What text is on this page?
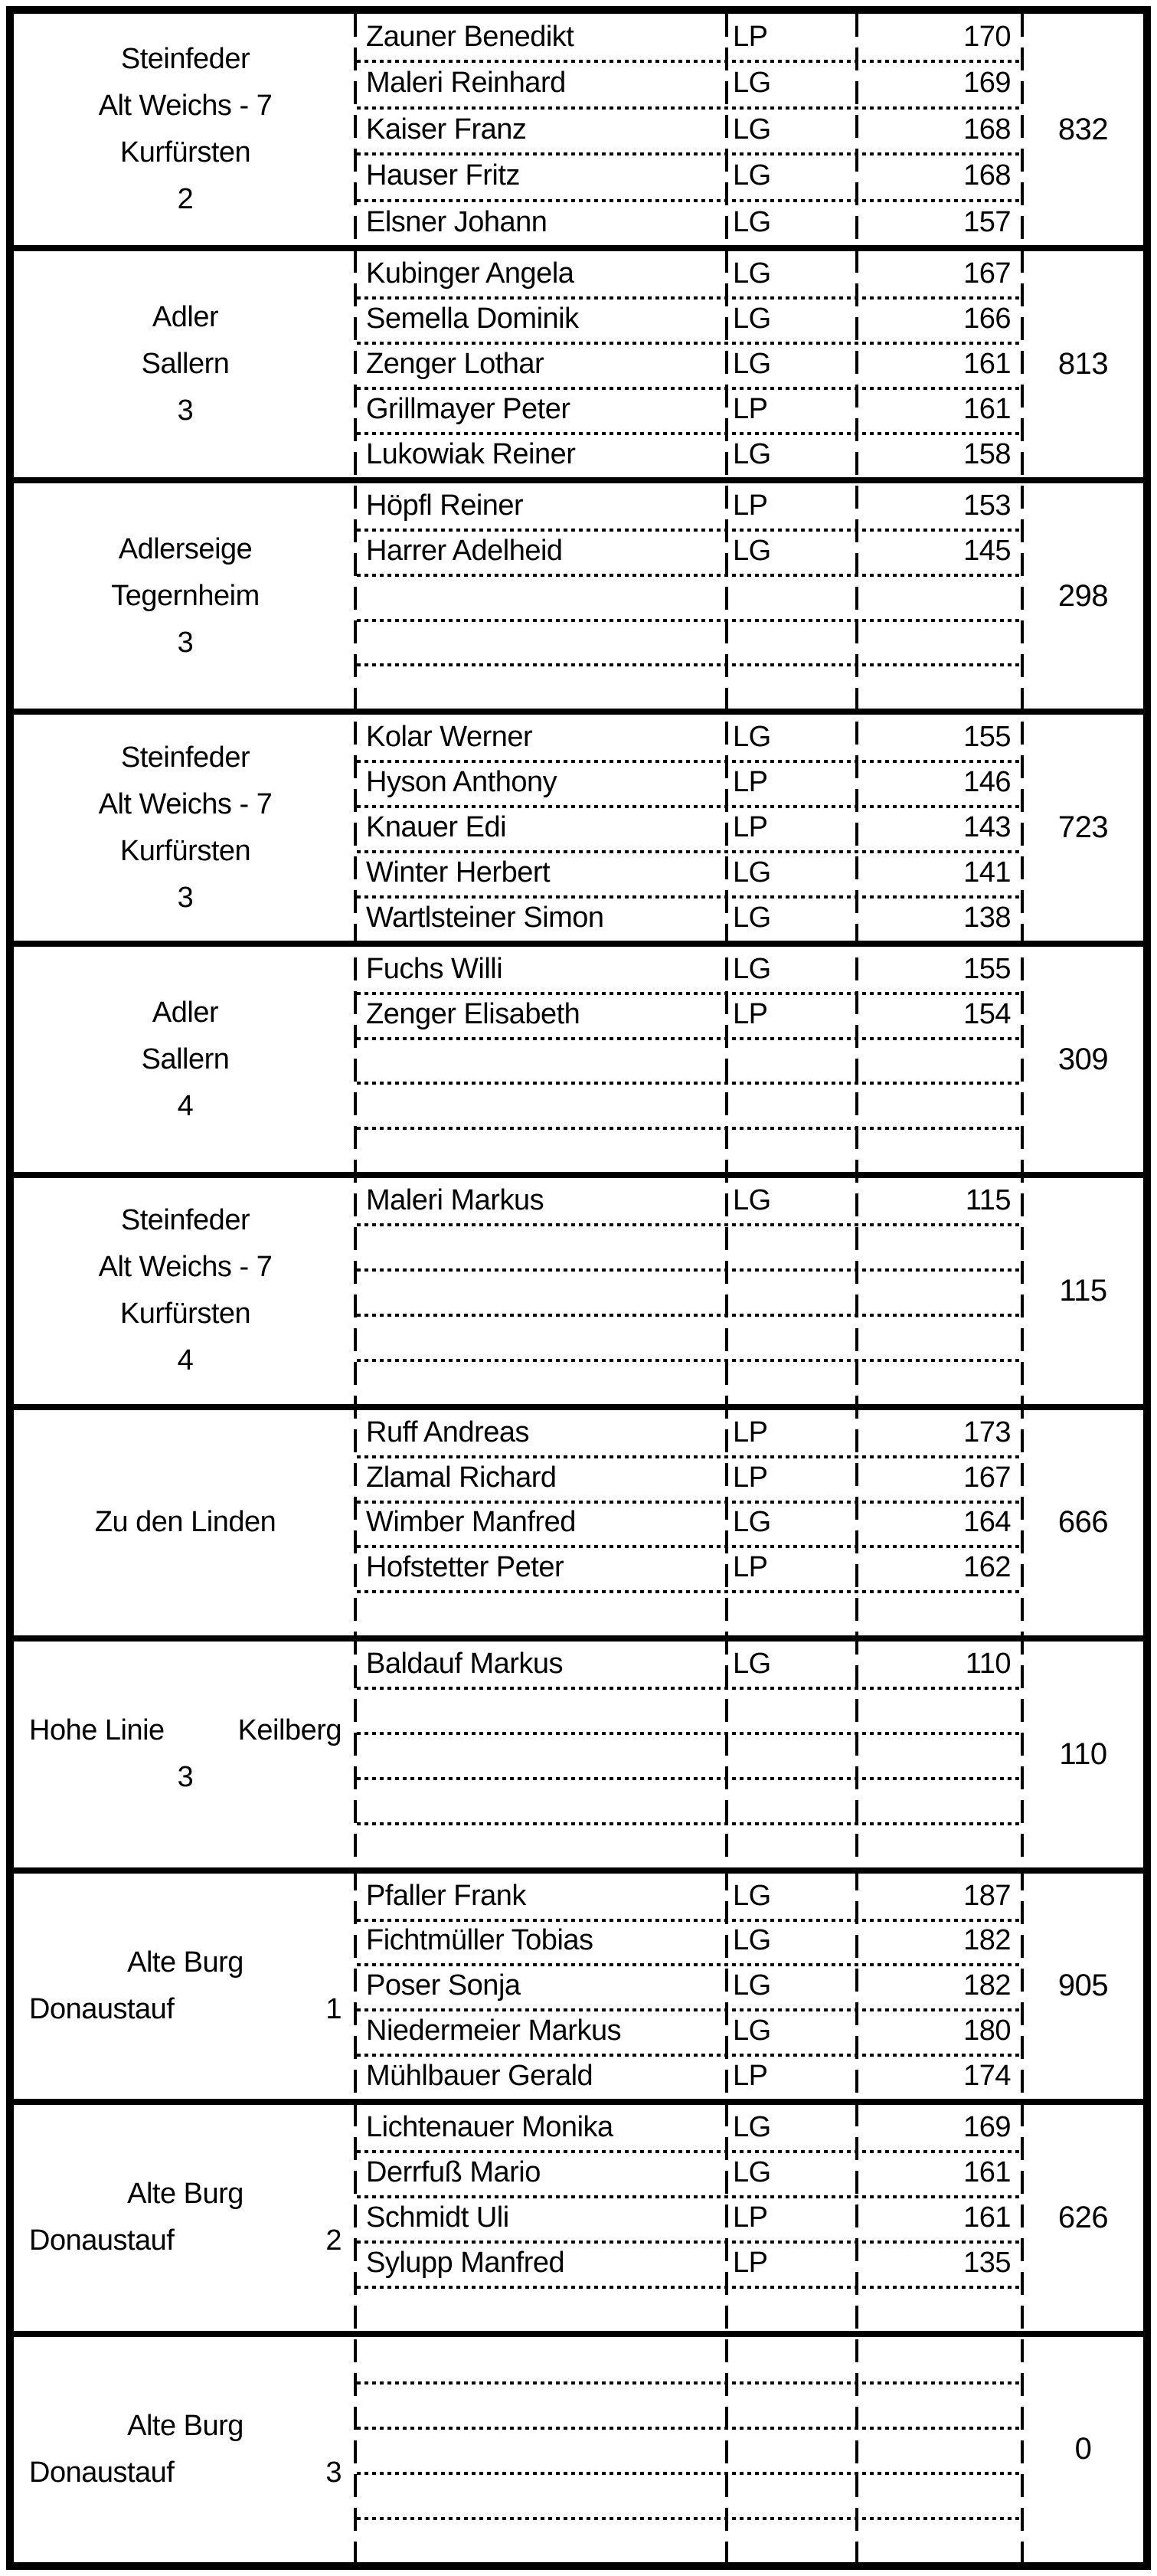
Steinfeder
Alt Weichs - 7
Kurfürsten
2
Zauner Benedikt	LP	170
Maleri Reinhard	LG	169
Kaiser Franz	LG	168
Hauser Fritz	LG	168
Elsner Johann	LG	157
832
Adler
Sallern
3
Kubinger Angela	LG	167
Semella Dominik	LG	166
Zenger Lothar	LG	161
Grillmayer Peter	LP	161
Lukowiak Reiner	LG	158
813
Adlerseige
Tegernheim
3
Höpfl Reiner	LP	153
Harrer Adelheid	LG	145
298
Steinfeder
Alt Weichs - 7
Kurfürsten
3
Kolar Werner	LG	155
Hyson Anthony	LP	146
Knauer Edi	LP	143
Winter Herbert	LG	141
Wartlsteiner Simon	LG	138
723
Adler
Sallern
4
Fuchs Willi	LG	155
Zenger Elisabeth	LP	154
309
Steinfeder
Alt Weichs - 7
Kurfürsten
4
Maleri Markus	LG	115
115
Zu den Linden
Ruff Andreas	LP	173
Zlamal Richard	LP	167
Wimber Manfred	LG	164
Hofstetter Peter	LP	162
666
Hohe Linie	Keilberg
3
Baldauf Markus	LG	110
110
Alte Burg
Donaustauf	1
Pfaller Frank	LG	187
Fichtmüller Tobias	LG	182
Poser Sonja	LG	182
Niedermeier Markus	LG	180
Mühlbauer Gerald	LP	174
905
Alte Burg
Donaustauf	2
Lichtenauer Monika	LG	169
Derrfuß Mario	LG	161
Schmidt Uli	LP	161
Sylupp Manfred	LP	135
626
Alte Burg
Donaustauf	3
0
